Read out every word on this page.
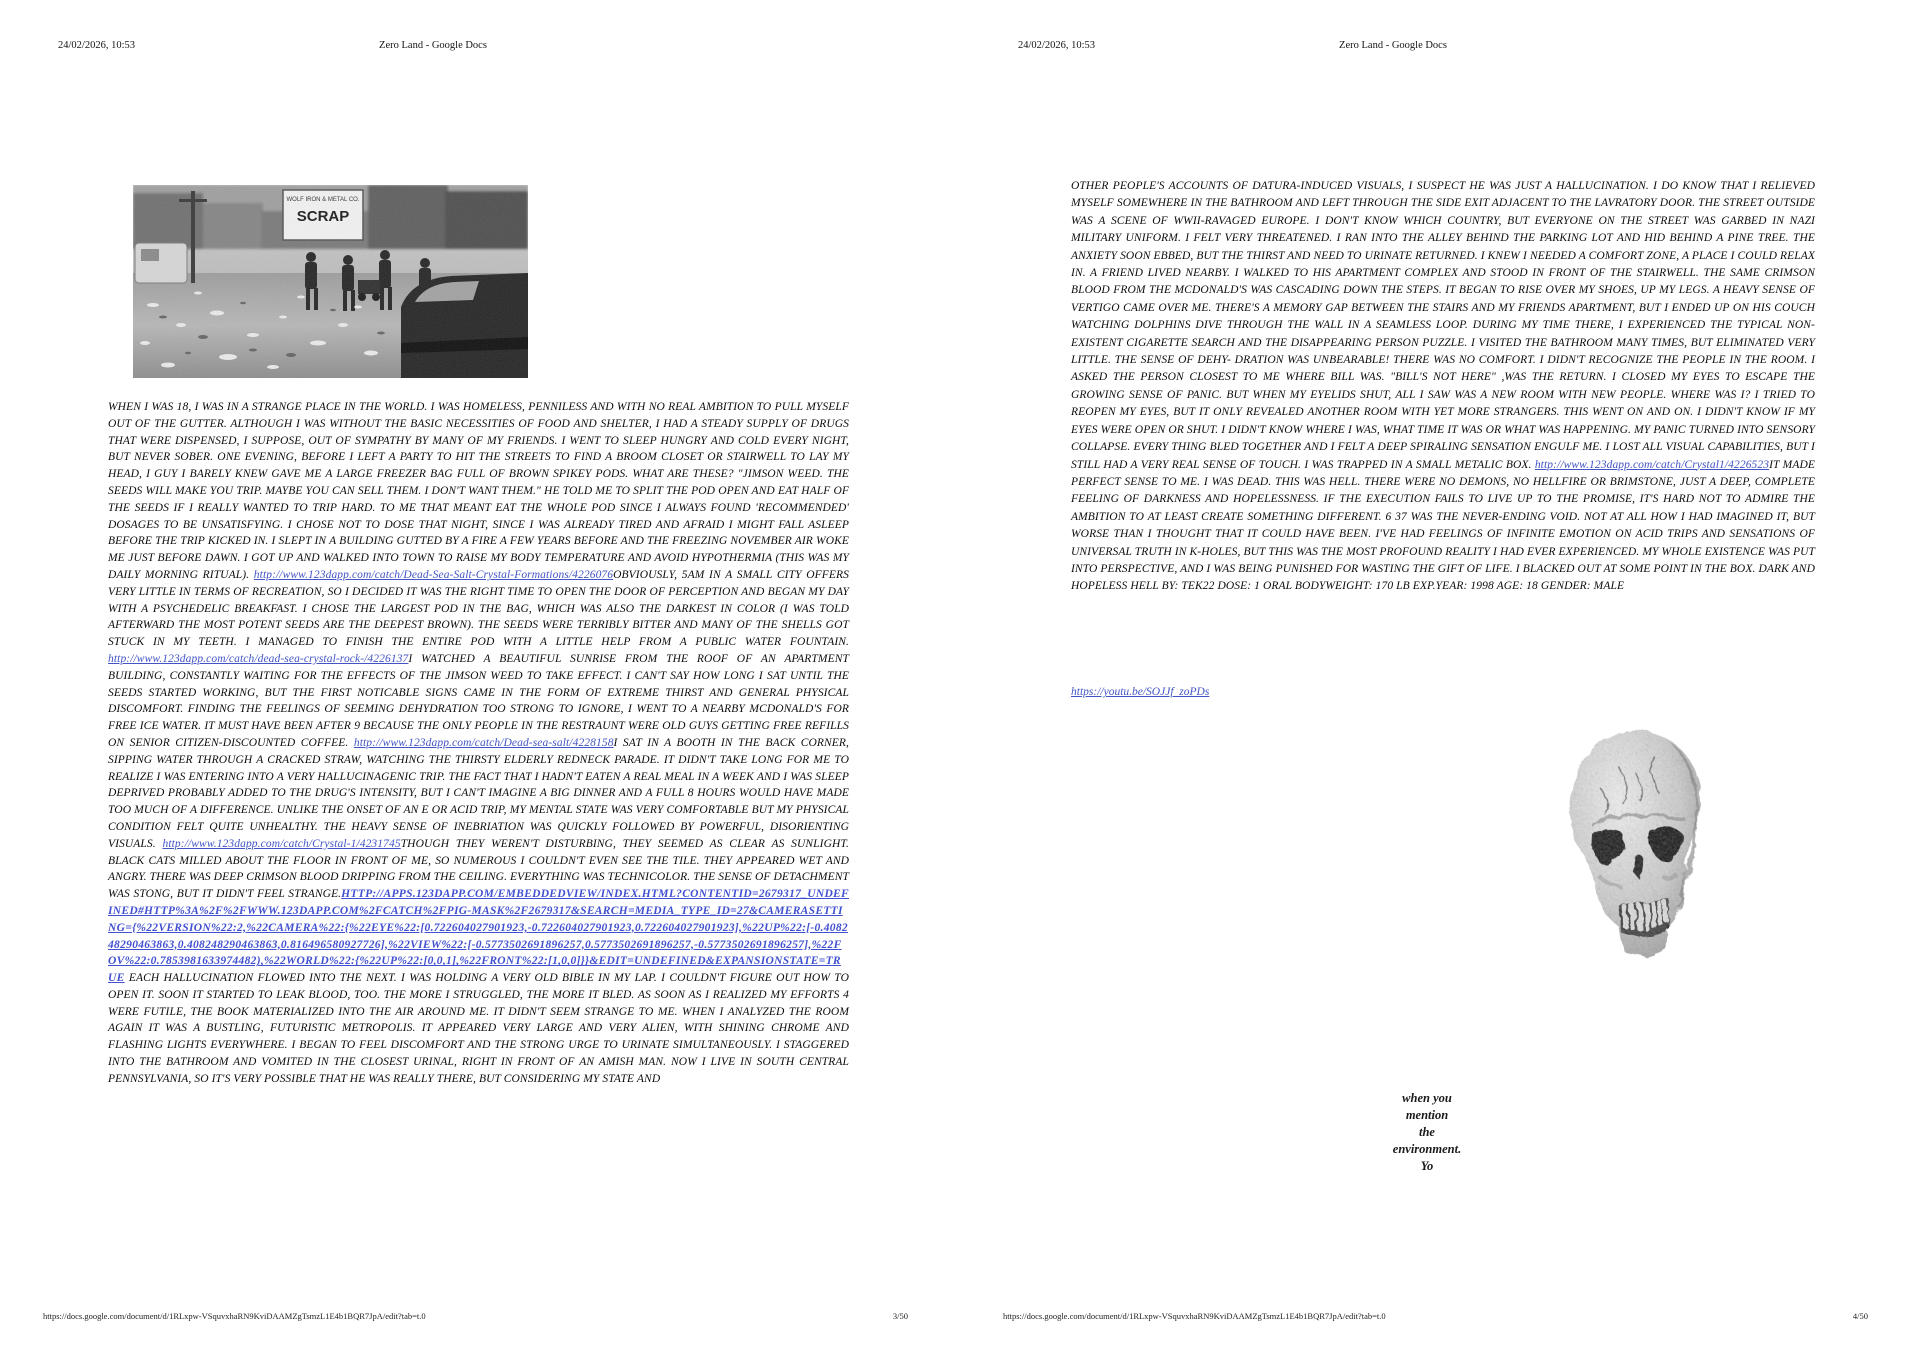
24/02/2026, 10:53	Zero Land - Google Docs
WOLF IRON & METAL CO.
SCRAP
WHEN I WAS 18, I WAS IN A STRANGE PLACE IN THE WORLD. I WAS HOMELESS, PENNILESS AND WITH NO REAL AMBITION TO PULL MYSELF OUT OF THE GUTTER. ALTHOUGH I WAS WITHOUT THE BASIC NECESSITIES OF FOOD AND SHELTER, I HAD A STEADY SUPPLY OF DRUGS THAT WERE DISPENSED, I SUPPOSE, OUT OF SYMPATHY BY MANY OF MY FRIENDS. I WENT TO SLEEP HUNGRY AND COLD EVERY NIGHT, BUT NEVER SOBER. ONE EVENING, BEFORE I LEFT A PARTY TO HIT THE STREETS TO FIND A BROOM CLOSET OR STAIRWELL TO LAY MY HEAD, I GUY I BARELY KNEW GAVE ME A LARGE FREEZER BAG FULL OF BROWN SPIKEY PODS. WHAT ARE THESE? "JIMSON WEED. THE SEEDS WILL MAKE YOU TRIP. MAYBE YOU CAN SELL THEM. I DON'T WANT THEM." HE TOLD ME TO SPLIT THE POD OPEN AND EAT HALF OF THE SEEDS IF I REALLY WANTED TO TRIP HARD. TO ME THAT MEANT EAT THE WHOLE POD SINCE I ALWAYS FOUND 'RECOMMENDED' DOSAGES TO BE UNSATISFYING. I CHOSE NOT TO DOSE THAT NIGHT, SINCE I WAS ALREADY TIRED AND AFRAID I MIGHT FALL ASLEEP BEFORE THE TRIP KICKED IN. I SLEPT IN A BUILDING GUTTED BY A FIRE A FEW YEARS BEFORE AND THE FREEZING NOVEMBER AIR WOKE ME JUST BEFORE DAWN. I GOT UP AND WALKED INTO TOWN TO RAISE MY BODY TEMPERATURE AND AVOID HYPOTHERMIA (THIS WAS MY DAILY MORNING RITUAL). http://www.123dapp.com/catch/Dead-Sea-Salt-Crystal-Formations/4226076OBVIOUSLY, 5AM IN A SMALL CITY OFFERS VERY LITTLE IN TERMS OF RECREATION, SO I DECIDED IT WAS THE RIGHT TIME TO OPEN THE DOOR OF PERCEPTION AND BEGAN MY DAY WITH A PSYCHEDELIC BREAKFAST. I CHOSE THE LARGEST POD IN THE BAG, WHICH WAS ALSO THE DARKEST IN COLOR (I WAS TOLD AFTERWARD THE MOST POTENT SEEDS ARE THE DEEPEST BROWN). THE SEEDS WERE TERRIBLY BITTER AND MANY OF THE SHELLS GOT STUCK IN MY TEETH. I MANAGED TO FINISH THE ENTIRE POD WITH A LITTLE HELP FROM A PUBLIC WATER FOUNTAIN. http://www.123dapp.com/catch/dead-sea-crystal-rock-/4226137I WATCHED A BEAUTIFUL SUNRISE FROM THE ROOF OF AN APARTMENT BUILDING, CONSTANTLY WAITING FOR THE EFFECTS OF THE JIMSON WEED TO TAKE EFFECT. I CAN'T SAY HOW LONG I SAT UNTIL THE SEEDS STARTED WORKING, BUT THE FIRST NOTICABLE SIGNS CAME IN THE FORM OF EXTREME THIRST AND GENERAL PHYSICAL DISCOMFORT. FINDING THE FEELINGS OF SEEMING DEHYDRATION TOO STRONG TO IGNORE, I WENT TO A NEARBY MCDONALD'S FOR FREE ICE WATER. IT MUST HAVE BEEN AFTER 9 BECAUSE THE ONLY PEOPLE IN THE RESTRAUNT WERE OLD GUYS GETTING FREE REFILLS ON SENIOR CITIZEN-DISCOUNTED COFFEE. http://www.123dapp.com/catch/Dead-sea-salt/4228158I SAT IN A BOOTH IN THE BACK CORNER, SIPPING WATER THROUGH A CRACKED STRAW, WATCHING THE THIRSTY ELDERLY REDNECK PARADE. IT DIDN'T TAKE LONG FOR ME TO REALIZE I WAS ENTERING INTO A VERY HALLUCINAGENIC TRIP. THE FACT THAT I HADN'T EATEN A REAL MEAL IN A WEEK AND I WAS SLEEP DEPRIVED PROBABLY ADDED TO THE DRUG'S INTENSITY, BUT I CAN'T IMAGINE A BIG DINNER AND A FULL 8 HOURS WOULD HAVE MADE TOO MUCH OF A DIFFERENCE. UNLIKE THE ONSET OF AN E OR ACID TRIP, MY MENTAL STATE WAS VERY COMFORTABLE BUT MY PHYSICAL CONDITION FELT QUITE UNHEALTHY. THE HEAVY SENSE OF INEBRIATION WAS QUICKLY FOLLOWED BY POWERFUL, DISORIENTING VISUALS. http://www.123dapp.com/catch/Crystal-1/4231745THOUGH THEY WEREN'T DISTURBING, THEY SEEMED AS CLEAR AS SUNLIGHT. BLACK CATS MILLED ABOUT THE FLOOR IN FRONT OF ME, SO NUMEROUS I COULDN'T EVEN SEE THE TILE. THEY APPEARED WET AND ANGRY. THERE WAS DEEP CRIMSON BLOOD DRIPPING FROM THE CEILING. EVERYTHING WAS TECHNICOLOR. THE SENSE OF DETACHMENT WAS STONG, BUT IT DIDN'T FEEL STRANGE.HTTP://APPS.123DAPP.COM/EMBEDDEDVIEW/INDEX.HTML?CONTENTID=2679317_UNDEFINED#HTTP%3A%2F%2FWWW.123DAPP.COM%2FCATCH%2FPIG-MASK%2F2679317&SEARCH=MEDIA_TYPE_ID=27&CAMERASETTING={%22VERSION%22:2,%22CAMERA%22:{%22EYE%22:[0.722604027901923,-0.722604027901923,0.722604027901923],%22UP%22:[-0.408248290463863,0.408248290463863,0.816496580927726],%22VIEW%22:[-0.5773502691896257,0.5773502691896257,-0.5773502691896257],%22FOV%22:0.7853981633974482),%22WORLD%22:{%22UP%22:[0,0,1],%22FRONT%22:[1,0,0]}}&EDIT=UNDEFINED&EXPANSIONSTATE=TRUE EACH HALLUCINATION FLOWED INTO THE NEXT. I WAS HOLDING A VERY OLD BIBLE IN MY LAP. I COULDN'T FIGURE OUT HOW TO OPEN IT. SOON IT STARTED TO LEAK BLOOD, TOO. THE MORE I STRUGGLED, THE MORE IT BLED. AS SOON AS I REALIZED MY EFFORTS 4 WERE FUTILE, THE BOOK MATERIALIZED INTO THE AIR AROUND ME. IT DIDN'T SEEM STRANGE TO ME. WHEN I ANALYZED THE ROOM AGAIN IT WAS A BUSTLING, FUTURISTIC METROPOLIS. IT APPEARED VERY LARGE AND VERY ALIEN, WITH SHINING CHROME AND FLASHING LIGHTS EVERYWHERE. I BEGAN TO FEEL DISCOMFORT AND THE STRONG URGE TO URINATE SIMULTANEOUSLY. I STAGGERED INTO THE BATHROOM AND VOMITED IN THE CLOSEST URINAL, RIGHT IN FRONT OF AN AMISH MAN. NOW I LIVE IN SOUTH CENTRAL PENNSYLVANIA, SO IT'S VERY POSSIBLE THAT HE WAS REALLY THERE, BUT CONSIDERING MY STATE AND
https://docs.google.com/document/d/1RLxpw-VSquvxhaRN9KviDAAMZgTsmzL1E4b1BQR7JpA/edit?tab=t.0	3/50
24/02/2026, 10:53	Zero Land - Google Docs
OTHER PEOPLE'S ACCOUNTS OF DATURA-INDUCED VISUALS, I SUSPECT HE WAS JUST A HALLUCINATION. I DO KNOW THAT I RELIEVED MYSELF SOMEWHERE IN THE BATHROOM AND LEFT THROUGH THE SIDE EXIT ADJACENT TO THE LAVRATORY DOOR. THE STREET OUTSIDE WAS A SCENE OF WWII-RAVAGED EUROPE. I DON'T KNOW WHICH COUNTRY, BUT EVERYONE ON THE STREET WAS GARBED IN NAZI MILITARY UNIFORM. I FELT VERY THREATENED. I RAN INTO THE ALLEY BEHIND THE PARKING LOT AND HID BEHIND A PINE TREE. THE ANXIETY SOON EBBED, BUT THE THIRST AND NEED TO URINATE RETURNED. I KNEW I NEEDED A COMFORT ZONE, A PLACE I COULD RELAX IN. A FRIEND LIVED NEARBY. I WALKED TO HIS APARTMENT COMPLEX AND STOOD IN FRONT OF THE STAIRWELL. THE SAME CRIMSON BLOOD FROM THE MCDONALD'S WAS CASCADING DOWN THE STEPS. IT BEGAN TO RISE OVER MY SHOES, UP MY LEGS. A HEAVY SENSE OF VERTIGO CAME OVER ME. THERE'S A MEMORY GAP BETWEEN THE STAIRS AND MY FRIENDS APARTMENT, BUT I ENDED UP ON HIS COUCH WATCHING DOLPHINS DIVE THROUGH THE WALL IN A SEAMLESS LOOP. DURING MY TIME THERE, I EXPERIENCED THE TYPICAL NON-EXISTENT CIGARETTE SEARCH AND THE DISAPPEARING PERSON PUZZLE. I VISITED THE BATHROOM MANY TIMES, BUT ELIMINATED VERY LITTLE. THE SENSE OF DEHY- DRATION WAS UNBEARABLE! THERE WAS NO COMFORT. I DIDN'T RECOGNIZE THE PEOPLE IN THE ROOM. I ASKED THE PERSON CLOSEST TO ME WHERE BILL WAS. "BILL'S NOT HERE" ,WAS THE RETURN. I CLOSED MY EYES TO ESCAPE THE GROWING SENSE OF PANIC. BUT WHEN MY EYELIDS SHUT, ALL I SAW WAS A NEW ROOM WITH NEW PEOPLE. WHERE WAS I? I TRIED TO REOPEN MY EYES, BUT IT ONLY REVEALED ANOTHER ROOM WITH YET MORE STRANGERS. THIS WENT ON AND ON. I DIDN'T KNOW IF MY EYES WERE OPEN OR SHUT. I DIDN'T KNOW WHERE I WAS, WHAT TIME IT WAS OR WHAT WAS HAPPENING. MY PANIC TURNED INTO SENSORY COLLAPSE. EVERY THING BLED TOGETHER AND I FELT A DEEP SPIRALING SENSATION ENGULF ME. I LOST ALL VISUAL CAPABILITIES, BUT I STILL HAD A VERY REAL SENSE OF TOUCH. I WAS TRAPPED IN A SMALL METALIC BOX. http://www.123dapp.com/catch/Crystal1/4226523IT MADE PERFECT SENSE TO ME. I WAS DEAD. THIS WAS HELL. THERE WERE NO DEMONS, NO HELLFIRE OR BRIMSTONE, JUST A DEEP, COMPLETE FEELING OF DARKNESS AND HOPELESSNESS. IF THE EXECUTION FAILS TO LIVE UP TO THE PROMISE, IT'S HARD NOT TO ADMIRE THE AMBITION TO AT LEAST CREATE SOMETHING DIFFERENT. 6 37 WAS THE NEVER-ENDING VOID. NOT AT ALL HOW I HAD IMAGINED IT, BUT WORSE THAN I THOUGHT THAT IT COULD HAVE BEEN. I'VE HAD FEELINGS OF INFINITE EMOTION ON ACID TRIPS AND SENSATIONS OF UNIVERSAL TRUTH IN K-HOLES, BUT THIS WAS THE MOST PROFOUND REALITY I HAD EVER EXPERIENCED. MY WHOLE EXISTENCE WAS PUT INTO PERSPECTIVE, AND I WAS BEING PUNISHED FOR WASTING THE GIFT OF LIFE. I BLACKED OUT AT SOME POINT IN THE BOX. DARK AND HOPELESS HELL BY: TEK22 DOSE: 1 ORAL BODYWEIGHT: 170 LB EXP.YEAR: 1998 AGE: 18 GENDER: MALE
https://youtu.be/SOJJf_zoPDs
when you
mention
the
environment.
Yo
https://docs.google.com/document/d/1RLxpw-VSquvxhaRN9KviDAAMZgTsmzL1E4b1BQR7JpA/edit?tab=t.0	4/50
